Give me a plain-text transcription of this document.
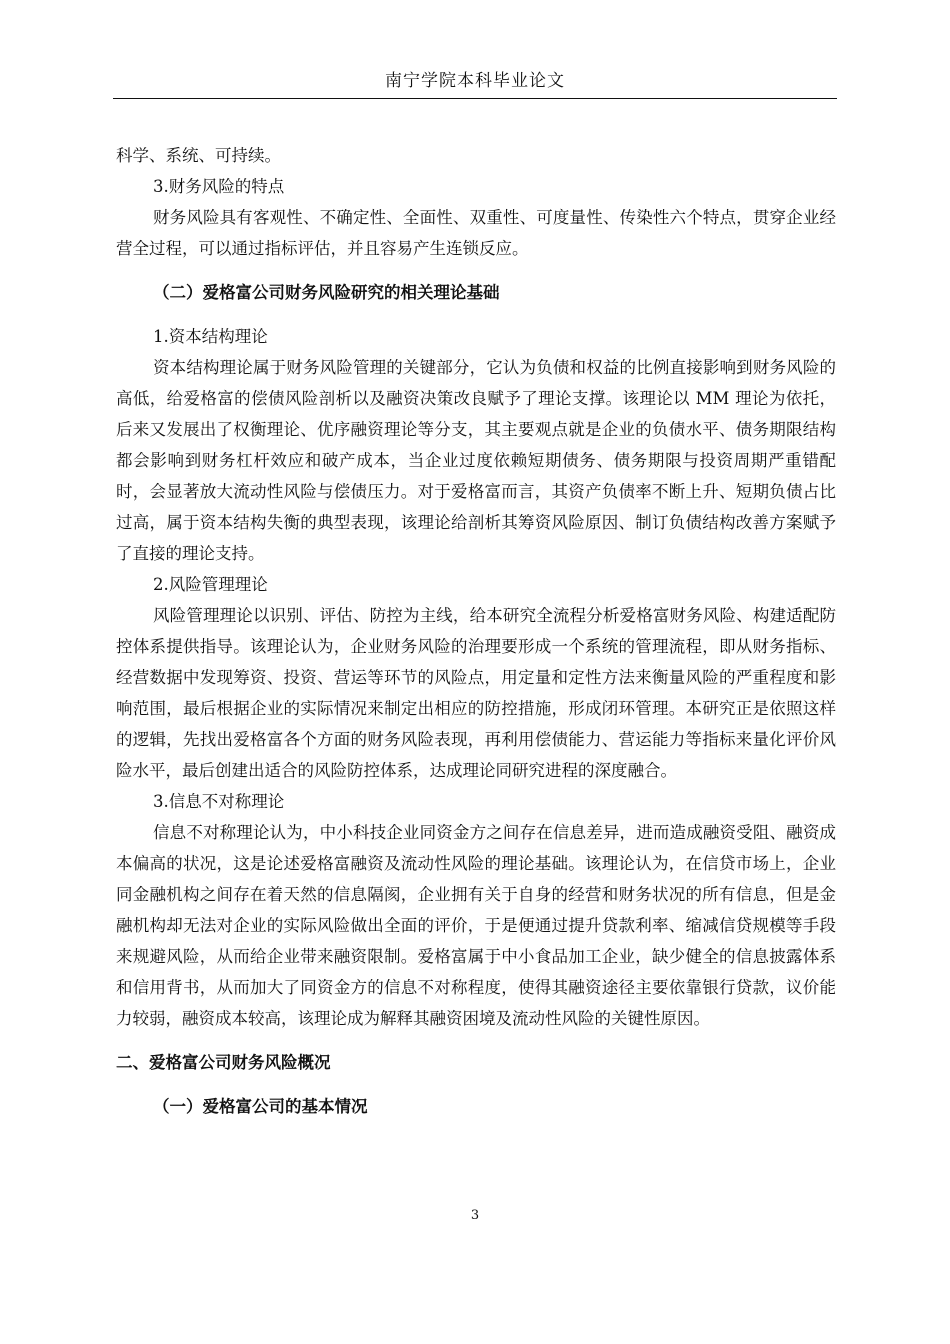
南宁学院本科毕业论文

科学、系统、可持续。

3.财务风险的特点

财务风险具有客观性、不确定性、全面性、双重性、可度量性、传染性六个特点，贯穿企业经营全过程，可以通过指标评估，并且容易产生连锁反应。

（二）爱格富公司财务风险研究的相关理论基础

1.资本结构理论

资本结构理论属于财务风险管理的关键部分，它认为负债和权益的比例直接影响到财务风险的高低，给爱格富的偿债风险剖析以及融资决策改良赋予了理论支撑。该理论以 MM 理论为依托，后来又发展出了权衡理论、优序融资理论等分支，其主要观点就是企业的负债水平、债务期限结构都会影响到财务杠杆效应和破产成本，当企业过度依赖短期债务、债务期限与投资周期严重错配时，会显著放大流动性风险与偿债压力。对于爱格富而言，其资产负债率不断上升、短期负债占比过高，属于资本结构失衡的典型表现，该理论给剖析其筹资风险原因、制订负债结构改善方案赋予了直接的理论支持。

2.风险管理理论

风险管理理论以识别、评估、防控为主线，给本研究全流程分析爱格富财务风险、构建适配防控体系提供指导。该理论认为，企业财务风险的治理要形成一个系统的管理流程，即从财务指标、经营数据中发现筹资、投资、营运等环节的风险点，用定量和定性方法来衡量风险的严重程度和影响范围，最后根据企业的实际情况来制定出相应的防控措施，形成闭环管理。本研究正是依照这样的逻辑，先找出爱格富各个方面的财务风险表现，再利用偿债能力、营运能力等指标来量化评价风险水平，最后创建出适合的风险防控体系，达成理论同研究进程的深度融合。

3.信息不对称理论

信息不对称理论认为，中小科技企业同资金方之间存在信息差异，进而造成融资受阻、融资成本偏高的状况，这是论述爱格富融资及流动性风险的理论基础。该理论认为，在信贷市场上，企业同金融机构之间存在着天然的信息隔阂，企业拥有关于自身的经营和财务状况的所有信息，但是金融机构却无法对企业的实际风险做出全面的评价，于是便通过提升贷款利率、缩减信贷规模等手段来规避风险，从而给企业带来融资限制。爱格富属于中小食品加工企业，缺少健全的信息披露体系和信用背书，从而加大了同资金方的信息不对称程度，使得其融资途径主要依靠银行贷款，议价能力较弱，融资成本较高，该理论成为解释其融资困境及流动性风险的关键性原因。

二、爱格富公司财务风险概况

（一）爱格富公司的基本情况

3
